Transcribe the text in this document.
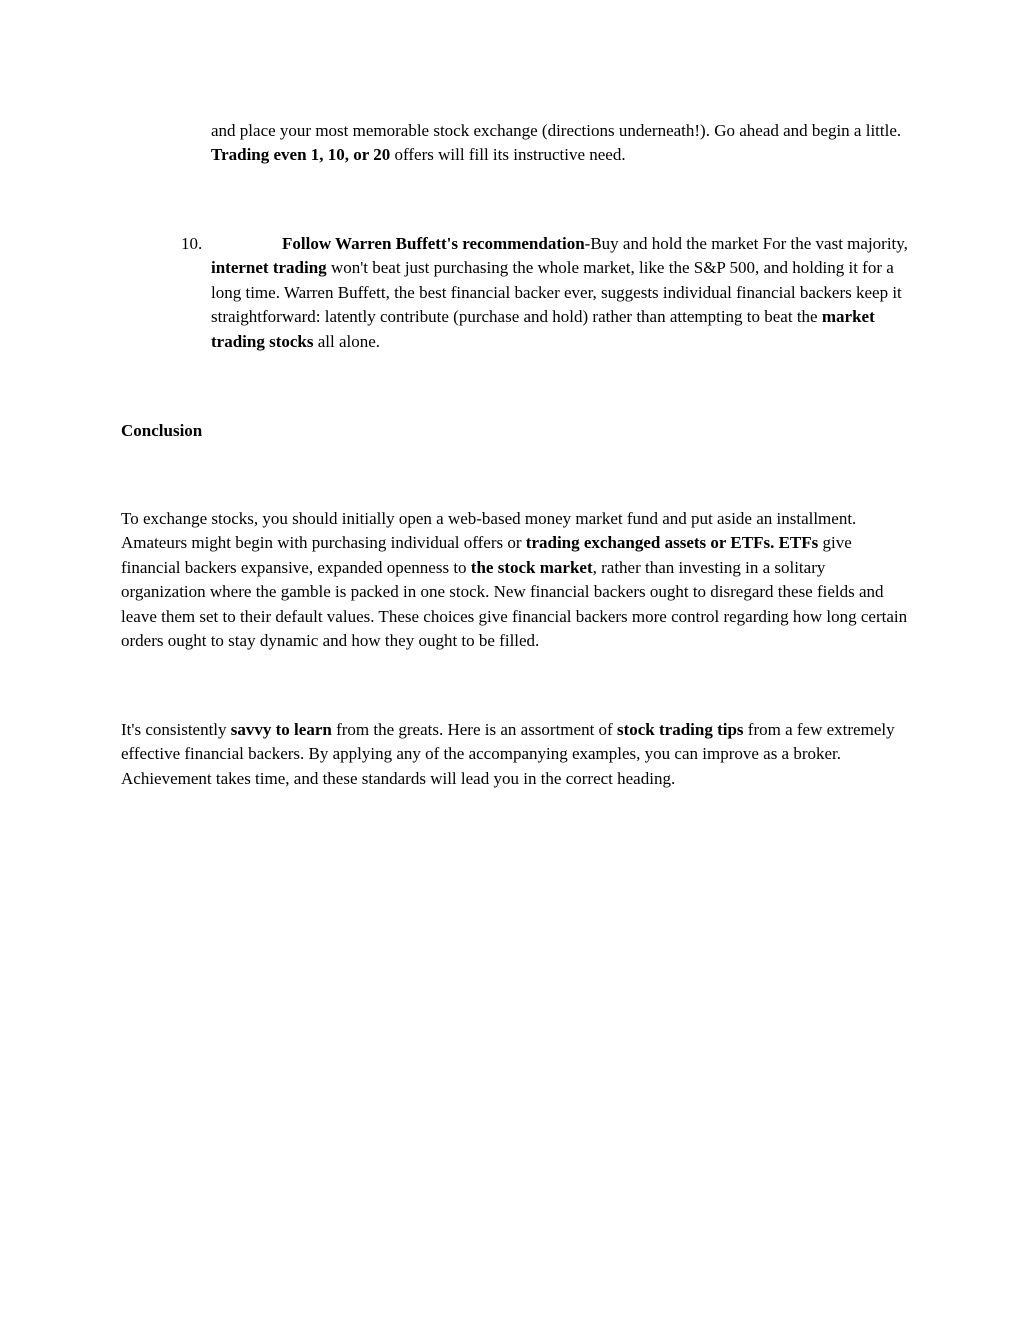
and place your most memorable stock exchange (directions underneath!). Go ahead and begin a little. Trading even 1, 10, or 20 offers will fill its instructive need.

10.	Follow Warren Buffett's recommendation-Buy and hold the market For the vast majority, internet trading won't beat just purchasing the whole market, like the S&P 500, and holding it for a long time. Warren Buffett, the best financial backer ever, suggests individual financial backers keep it straightforward: latently contribute (purchase and hold) rather than attempting to beat the market trading stocks all alone.

Conclusion

To exchange stocks, you should initially open a web-based money market fund and put aside an installment. Amateurs might begin with purchasing individual offers or trading exchanged assets or ETFs. ETFs give financial backers expansive, expanded openness to the stock market, rather than investing in a solitary organization where the gamble is packed in one stock. New financial backers ought to disregard these fields and leave them set to their default values. These choices give financial backers more control regarding how long certain orders ought to stay dynamic and how they ought to be filled.

It's consistently savvy to learn from the greats. Here is an assortment of stock trading tips from a few extremely effective financial backers. By applying any of the accompanying examples, you can improve as a broker. Achievement takes time, and these standards will lead you in the correct heading.
